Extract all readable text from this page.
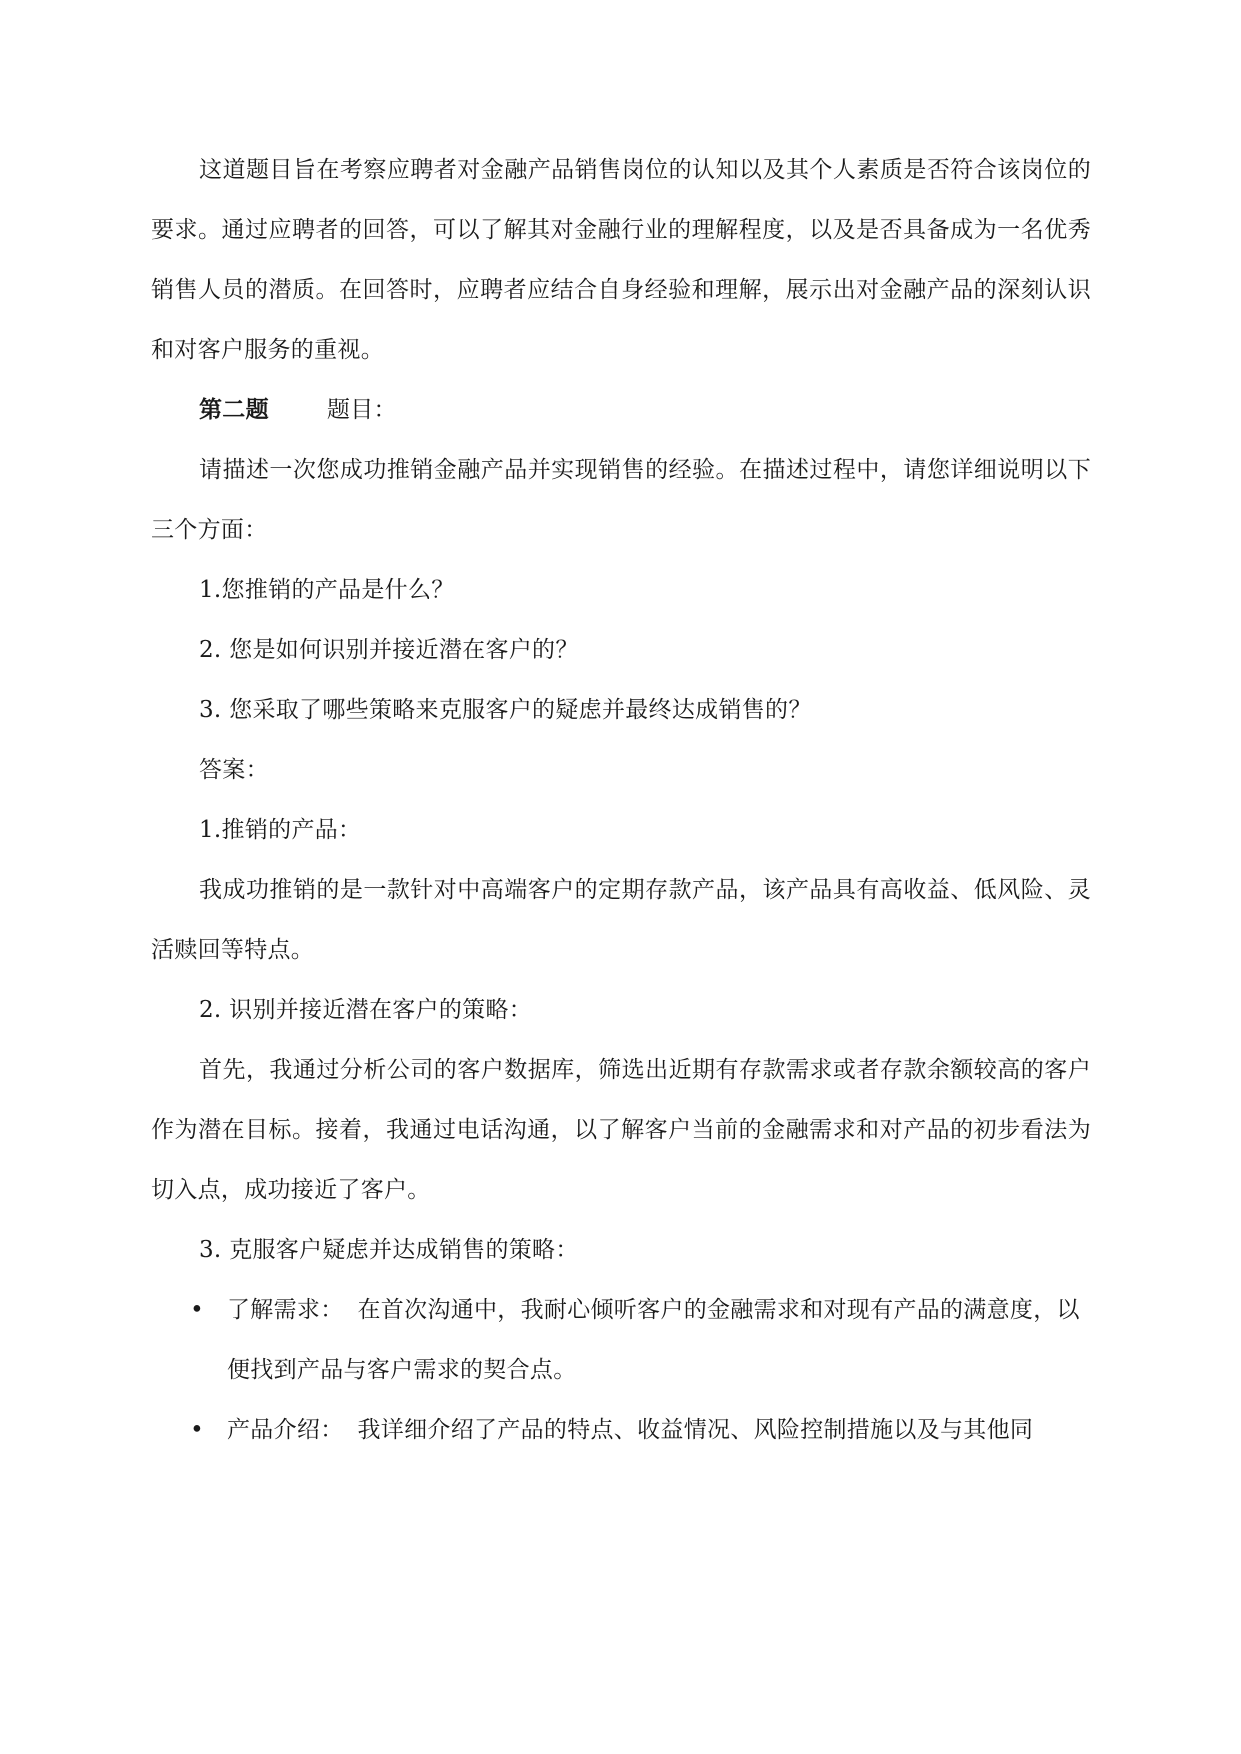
这道题目旨在考察应聘者对金融产品销售岗位的认知以及其个人素质是否符合该岗位的要求。通过应聘者的回答，可以了解其对金融行业的理解程度，以及是否具备成为一名优秀销售人员的潜质。在回答时，应聘者应结合自身经验和理解，展示出对金融产品的深刻认识和对客户服务的重视。

第二题	题目：

请描述一次您成功推销金融产品并实现销售的经验。在描述过程中，请您详细说明以下三个方面：

1.您推销的产品是什么？

2. 您是如何识别并接近潜在客户的？

3. 您采取了哪些策略来克服客户的疑虑并最终达成销售的？

答案：

1.推销的产品：

我成功推销的是一款针对中高端客户的定期存款产品，该产品具有高收益、低风险、灵活赎回等特点。

2. 识别并接近潜在客户的策略：

首先，我通过分析公司的客户数据库，筛选出近期有存款需求或者存款余额较高的客户作为潜在目标。接着，我通过电话沟通，以了解客户当前的金融需求和对产品的初步看法为切入点，成功接近了客户。

3. 克服客户疑虑并达成销售的策略：

• 了解需求： 在首次沟通中，我耐心倾听客户的金融需求和对现有产品的满意度，以便找到产品与客户需求的契合点。
• 产品介绍： 我详细介绍了产品的特点、收益情况、风险控制措施以及与其他同
